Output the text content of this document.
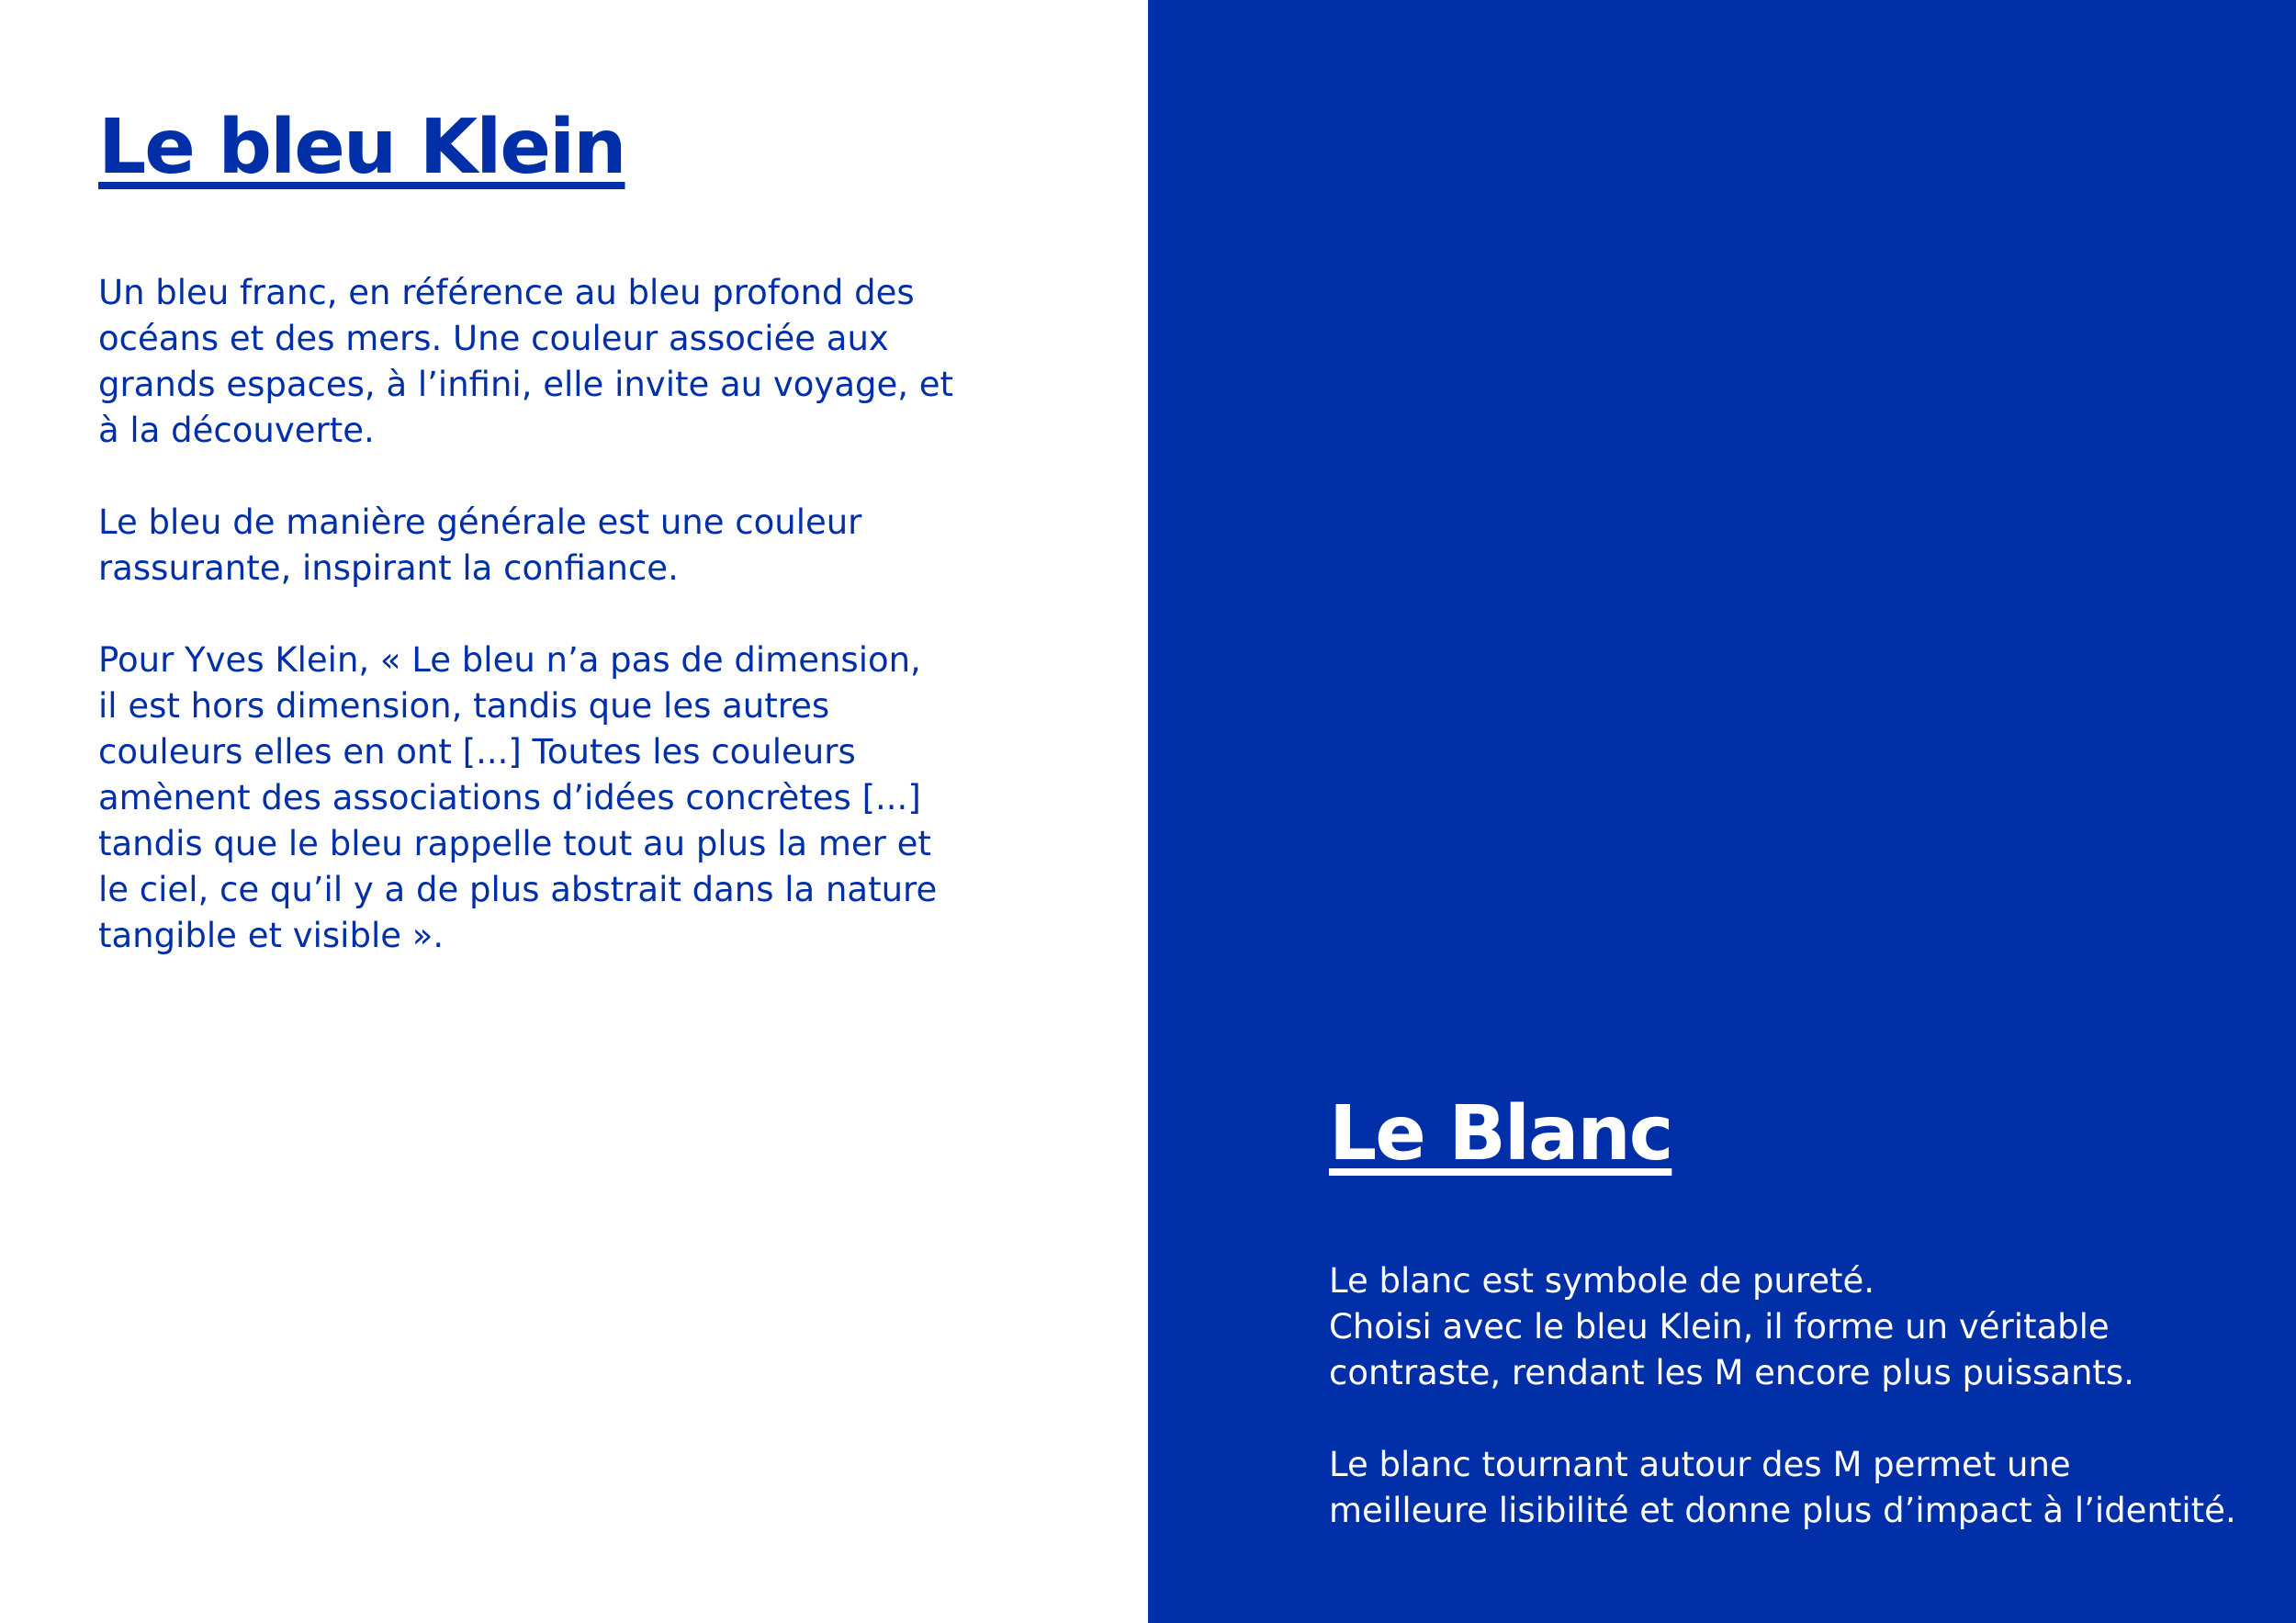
Le bleu Klein

Un bleu franc, en référence au bleu profond des
océans et des mers. Une couleur associée aux
grands espaces, à l’infini, elle invite au voyage, et
à la découverte.

Le bleu de manière générale est une couleur
rassurante, inspirant la confiance.

Pour Yves Klein, « Le bleu n’a pas de dimension,
il est hors dimension, tandis que les autres
couleurs elles en ont [...] Toutes les couleurs
amènent des associations d’idées concrètes [...]
tandis que le bleu rappelle tout au plus la mer et
le ciel, ce qu’il y a de plus abstrait dans la nature
tangible et visible ».

Le Blanc

Le blanc est symbole de pureté.
Choisi avec le bleu Klein, il forme un véritable
contraste, rendant les M encore plus puissants.

Le blanc tournant autour des M permet une
meilleure lisibilité et donne plus d’impact à l’identité.
